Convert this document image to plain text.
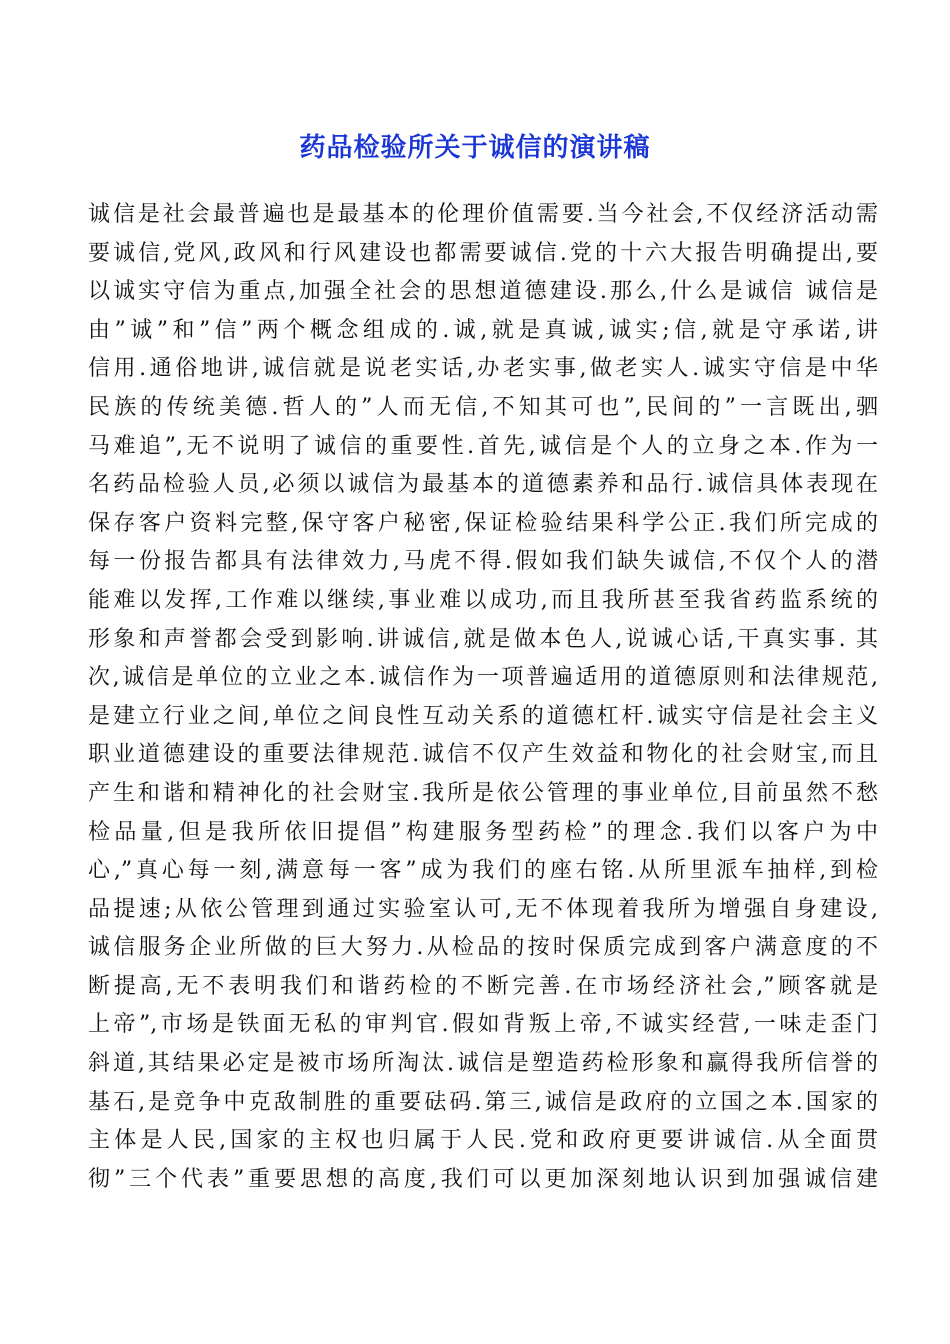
药品检验所关于诚信的演讲稿
诚信是社会最普遍也是最基本的伦理价值需要.当今社会,不仅经济活动需
要诚信,党风,政风和行风建设也都需要诚信.党的十六大报告明确提出,要
以诚实守信为重点,加强全社会的思想道德建设.那么,什么是诚信 诚信是
由”诚”和”信”两个概念组成的.诚,就是真诚,诚实;信,就是守承诺,讲
信用.通俗地讲,诚信就是说老实话,办老实事,做老实人.诚实守信是中华
民族的传统美德.哲人的”人而无信,不知其可也”,民间的”一言既出,驷
马难追”,无不说明了诚信的重要性.首先,诚信是个人的立身之本.作为一
名药品检验人员,必须以诚信为最基本的道德素养和品行.诚信具体表现在
保存客户资料完整,保守客户秘密,保证检验结果科学公正.我们所完成的
每一份报告都具有法律效力,马虎不得.假如我们缺失诚信,不仅个人的潜
能难以发挥,工作难以继续,事业难以成功,而且我所甚至我省药监系统的
形象和声誉都会受到影响.讲诚信,就是做本色人,说诚心话,干真实事. 其
次,诚信是单位的立业之本.诚信作为一项普遍适用的道德原则和法律规范,
是建立行业之间,单位之间良性互动关系的道德杠杆.诚实守信是社会主义
职业道德建设的重要法律规范.诚信不仅产生效益和物化的社会财宝,而且
产生和谐和精神化的社会财宝.我所是依公管理的事业单位,目前虽然不愁
检品量,但是我所依旧提倡”构建服务型药检”的理念.我们以客户为中
心,”真心每一刻,满意每一客”成为我们的座右铭.从所里派车抽样,到检
品提速;从依公管理到通过实验室认可,无不体现着我所为增强自身建设,
诚信服务企业所做的巨大努力.从检品的按时保质完成到客户满意度的不
断提高,无不表明我们和谐药检的不断完善.在市场经济社会,”顾客就是
上帝”,市场是铁面无私的审判官.假如背叛上帝,不诚实经营,一味走歪门
斜道,其结果必定是被市场所淘汰.诚信是塑造药检形象和赢得我所信誉的
基石,是竞争中克敌制胜的重要砝码.第三,诚信是政府的立国之本.国家的
主体是人民,国家的主权也归属于人民.党和政府更要讲诚信.从全面贯
彻”三个代表”重要思想的高度,我们可以更加深刻地认识到加强诚信建
